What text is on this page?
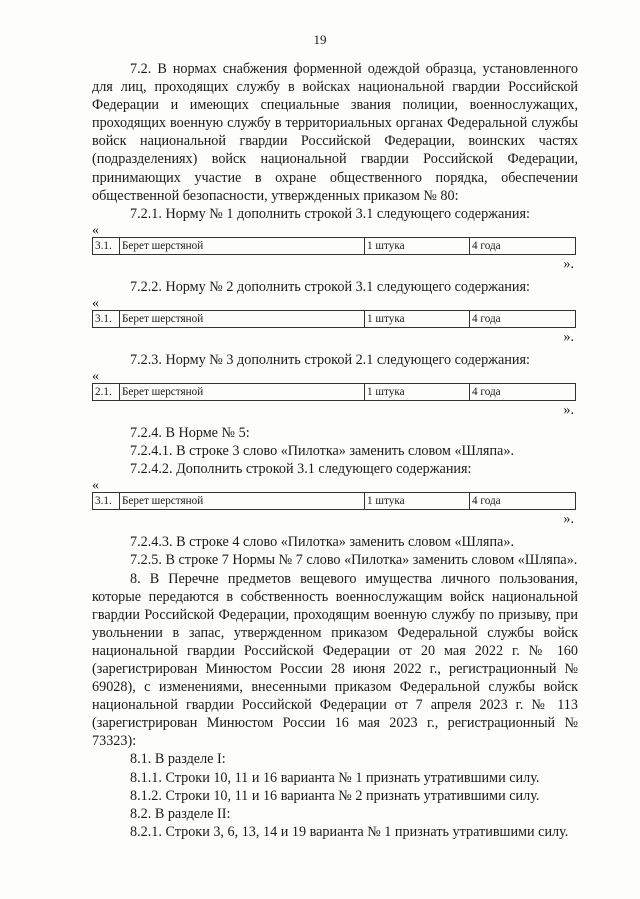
19

7.2. В нормах снабжения форменной одеждой образца, установленного для лиц, проходящих службу в войсках национальной гвардии Российской Федерации и имеющих специальные звания полиции, военнослужащих, проходящих военную службу в территориальных органах Федеральной службы войск национальной гвардии Российской Федерации, воинских частях (подразделениях) войск национальной гвардии Российской Федерации, принимающих участие в охране общественного порядка, обеспечении общественной безопасности, утвержденных приказом № 80:

7.2.1. Норму № 1 дополнить строкой 3.1 следующего содержания:

«
3.1.	Берет шерстяной	1 штука	4 года
».

7.2.2. Норму № 2 дополнить строкой 3.1 следующего содержания:

«
3.1.	Берет шерстяной	1 штука	4 года
».

7.2.3. Норму № 3 дополнить строкой 2.1 следующего содержания:

«
2.1.	Берет шерстяной	1 штука	4 года
».

7.2.4. В Норме № 5:

7.2.4.1. В строке 3 слово «Пилотка» заменить словом «Шляпа».

7.2.4.2. Дополнить строкой 3.1 следующего содержания:

«
3.1.	Берет шерстяной	1 штука	4 года
».

7.2.4.3. В строке 4 слово «Пилотка» заменить словом «Шляпа».

7.2.5. В строке 7 Нормы № 7 слово «Пилотка» заменить словом «Шляпа».

8. В Перечне предметов вещевого имущества личного пользования, которые передаются в собственность военнослужащим войск национальной гвардии Российской Федерации, проходящим военную службу по призыву, при увольнении в запас, утвержденном приказом Федеральной службы войск национальной гвардии Российской Федерации от 20 мая 2022 г. № 160 (зарегистрирован Минюстом России 28 июня 2022 г., регистрационный № 69028), с изменениями, внесенными приказом Федеральной службы войск национальной гвардии Российской Федерации от 7 апреля 2023 г. № 113 (зарегистрирован Минюстом России 16 мая 2023 г., регистрационный № 73323):

8.1. В разделе I:

8.1.1. Строки 10, 11 и 16 варианта № 1 признать утратившими силу.

8.1.2. Строки 10, 11 и 16 варианта № 2 признать утратившими силу.

8.2. В разделе II:

8.2.1. Строки 3, 6, 13, 14 и 19 варианта № 1 признать утратившими силу.
